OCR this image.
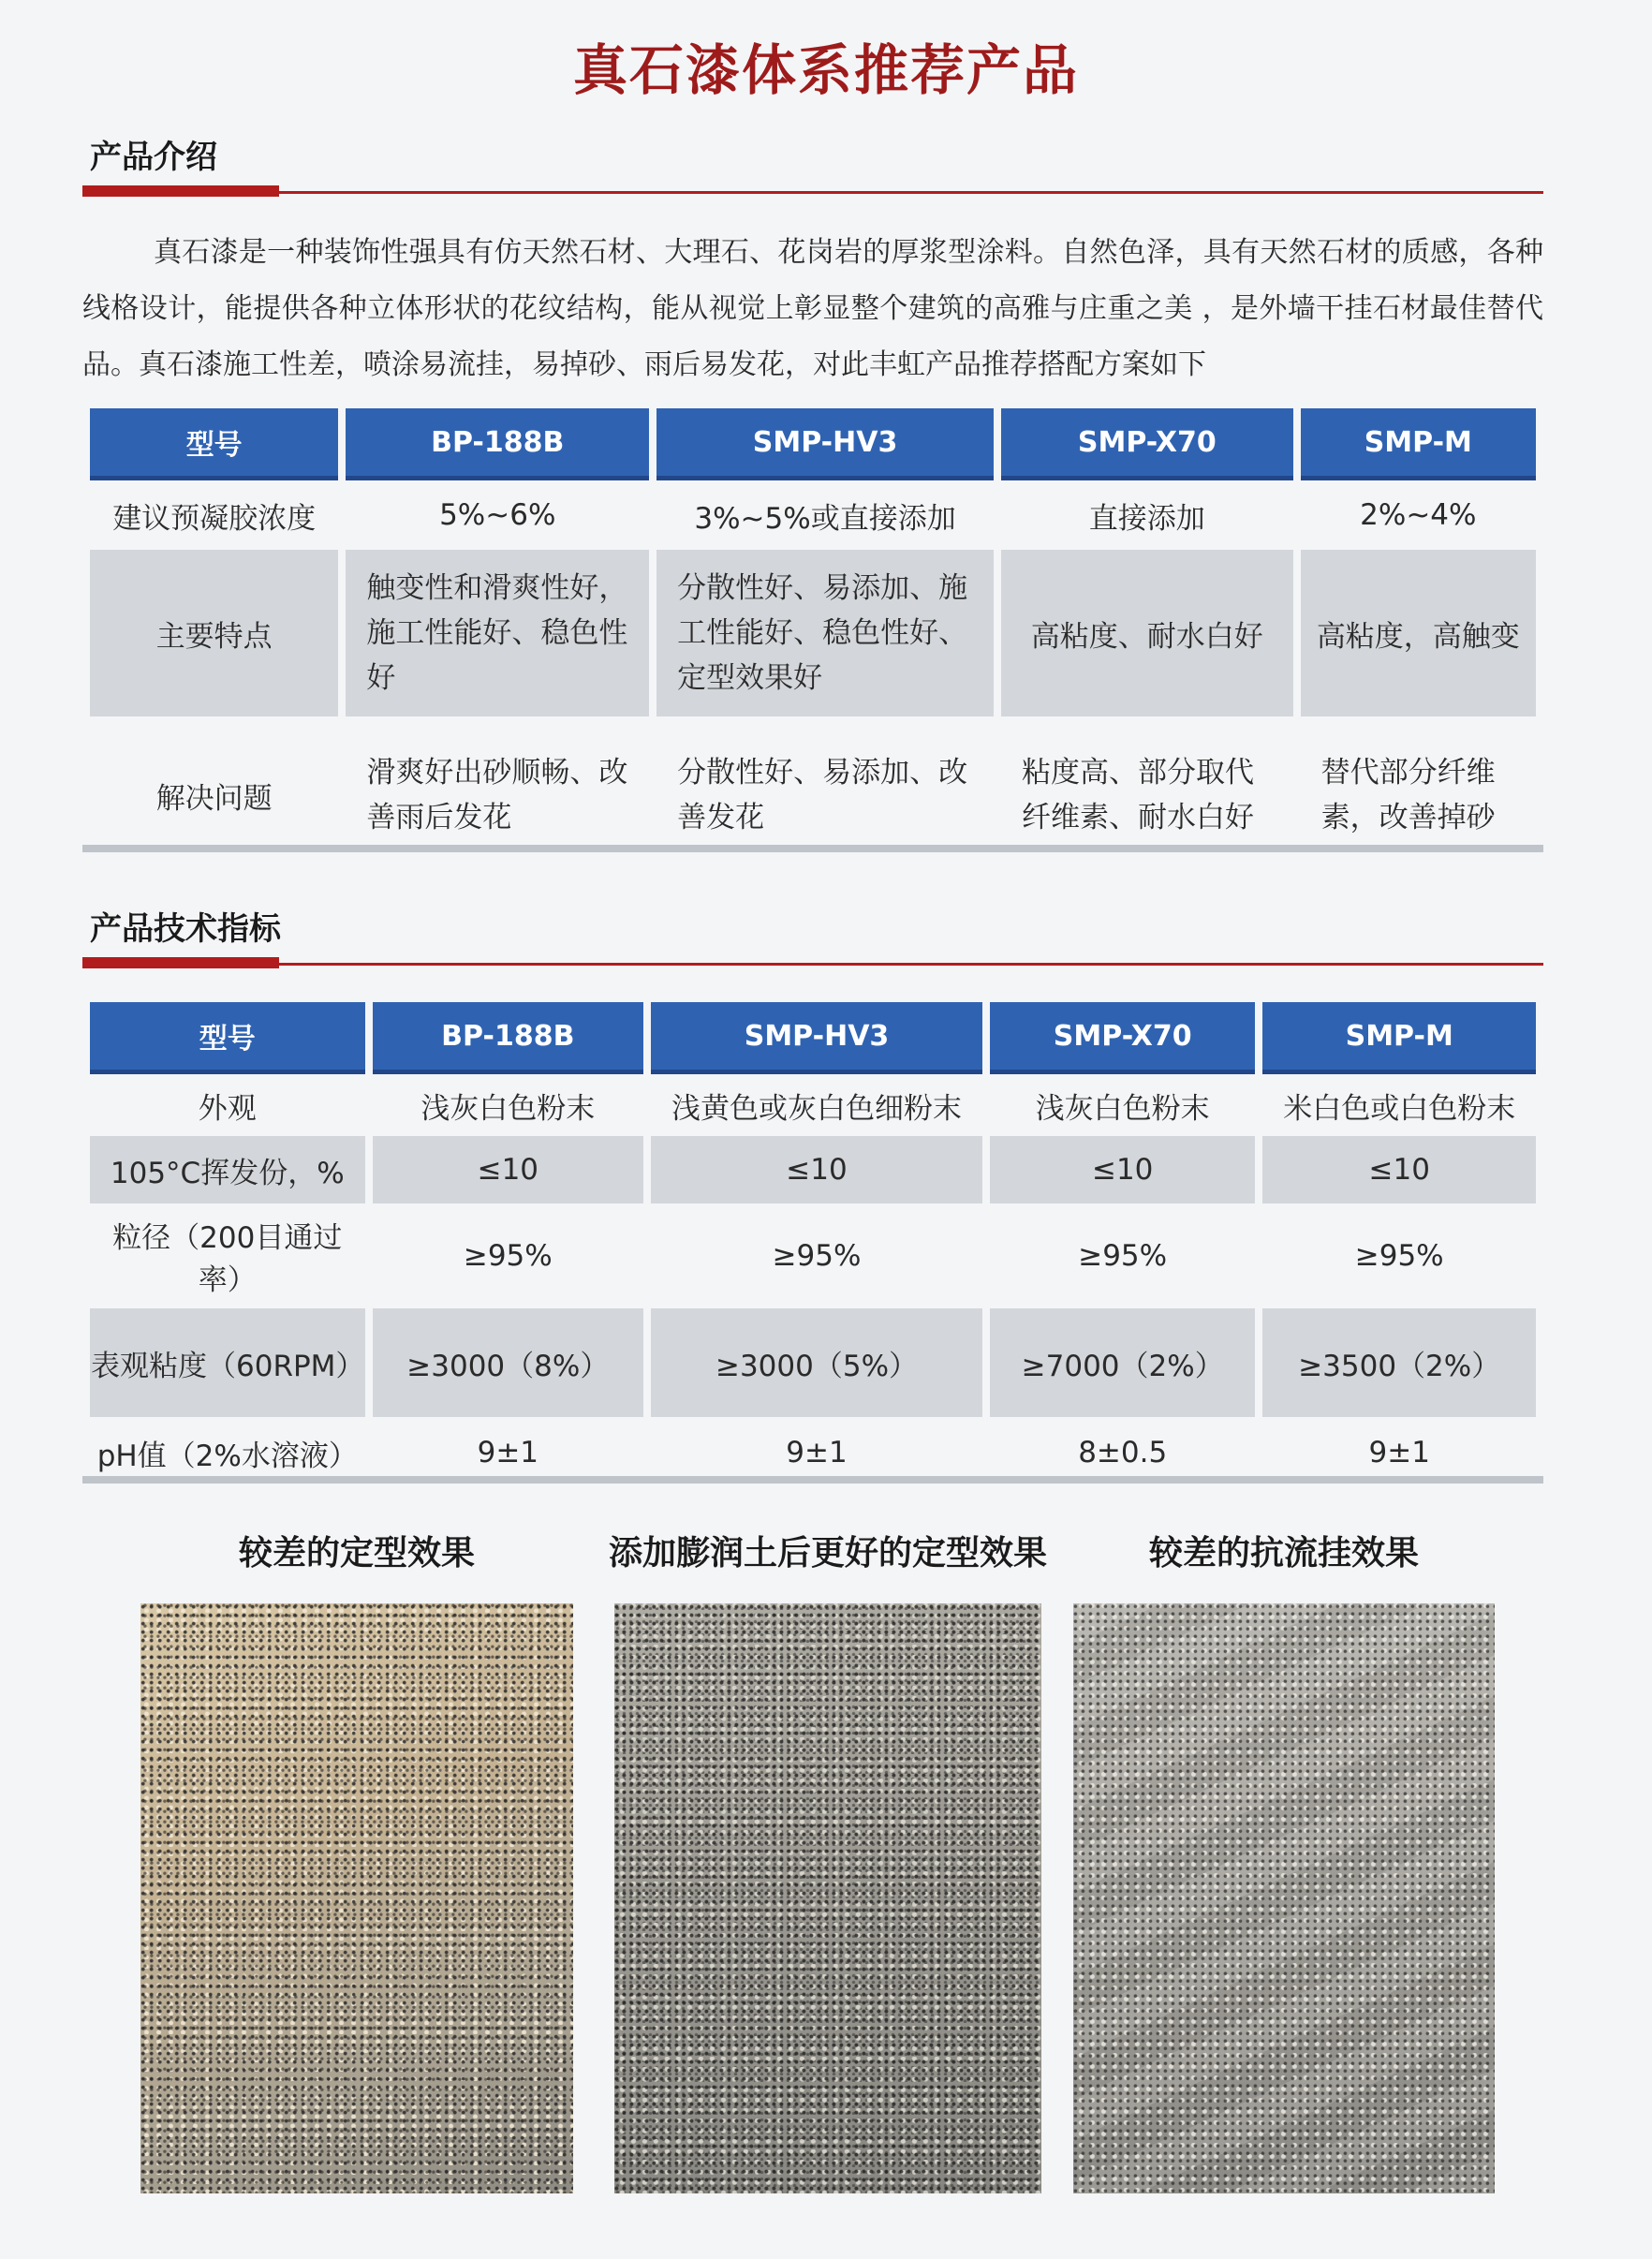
真石漆体系推荐产品
产品介绍

真石漆是一种装饰性强具有仿天然石材、大理石、花岗岩的厚浆型涂料。自然色泽，具有天然石材的质感，各种线格设计，能提供各种立体形状的花纹结构，能从视觉上彰显整个建筑的高雅与庄重之美 ，是外墙干挂石材最佳替代品。真石漆施工性差，喷涂易流挂，易掉砂、雨后易发花，对此丰虹产品推荐搭配方案如下

型号	BP-188B	SMP-HV3	SMP-X70	SMP-M
建议预凝胶浓度	5%~6%	3%~5%或直接添加	直接添加	2%~4%
主要特点	触变性和滑爽性好，施工性能好、稳色性好	分散性好、易添加、施工性能好、稳色性好、定型效果好	高粘度、耐水白好	高粘度，高触变
解决问题	滑爽好出砂顺畅、改善雨后发花	分散性好、易添加、改善发花	粘度高、部分取代纤维素、耐水白好	替代部分纤维素，改善掉砂
产品技术指标
型号	BP-188B	SMP-HV3	SMP-X70	SMP-M
外观	浅灰白色粉末	浅黄色或灰白色细粉末	浅灰白色粉末	米白色或白色粉末
105°C挥发份，%	≤10	≤10	≤10	≤10
粒径（200目通过率）	≥95%	≥95%	≥95%	≥95%
表观粘度（60RPM）	≥3000（8%）	≥3000（5%）	≥7000（2%）	≥3500（2%）
pH值（2%水溶液）	9±1	9±1	8±0.5	9±1
较差的定型效果	添加膨润土后更好的定型效果	较差的抗流挂效果
